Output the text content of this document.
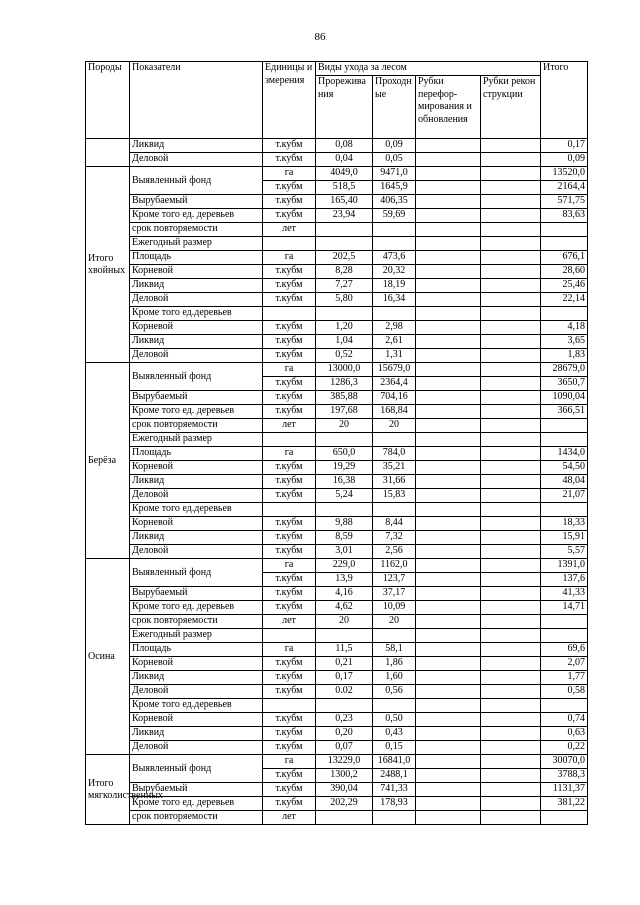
86
Породы	Показатели	Единицы измерения	Виды ухода за лесом				Итого
			Прореживания	Проходные	Рубки перефор-мирования и обновления	Рубки реконструкции	
	Ликвид	т.кубм	0,08	0,09			0,17
	Деловой	т.кубм	0,04	0,05			0,09
Итого хвойных	Выявленный фонд	га	4049,0	9471,0			13520,0
		т.кубм	518,5	1645,9			2164,4
	Вырубаемый	т.кубм	165,40	406,35			571,75
	Кроме того ед. деревьев	т.кубм	23,94	59,69			83,63
	срок повторяемости	лет					
	Ежегодный размер						
	Площадь	га	202,5	473,6			676,1
	Корневой	т.кубм	8,28	20,32			28,60
	Ликвид	т.кубм	7,27	18,19			25,46
	Деловой	т.кубм	5,80	16,34			22,14
	Кроме того ед.деревьев						
	Корневой	т.кубм	1,20	2,98			4,18
	Ликвид	т.кубм	1,04	2,61			3,65
	Деловой	т.кубм	0,52	1,31			1,83
Берёза	Выявленный фонд	га	13000,0	15679,0			28679,0
		т.кубм	1286,3	2364,4			3650,7
	Вырубаемый	т.кубм	385,88	704,16			1090,04
	Кроме того ед. деревьев	т.кубм	197,68	168,84			366,51
	срок повторяемости	лет	20	20			
	Ежегодный размер						
	Площадь	га	650,0	784,0			1434,0
	Корневой	т.кубм	19,29	35,21			54,50
	Ликвид	т.кубм	16,38	31,66			48,04
	Деловой	т.кубм	5,24	15,83			21,07
	Кроме того ед.деревьев						
	Корневой	т.кубм	9,88	8,44			18,33
	Ликвид	т.кубм	8,59	7,32			15,91
	Деловой	т.кубм	3,01	2,56			5,57
Осина	Выявленный фонд	га	229,0	1162,0			1391,0
		т.кубм	13,9	123,7			137,6
	Вырубаемый	т.кубм	4,16	37,17			41,33
	Кроме того ед. деревьев	т.кубм	4,62	10,09			14,71
	срок повторяемости	лет	20	20			
	Ежегодный размер						
	Площадь	га	11,5	58,1			69,6
	Корневой	т.кубм	0,21	1,86			2,07
	Ликвид	т.кубм	0,17	1,60			1,77
	Деловой	т.кубм	0.02	0,56			0,58
	Кроме того ед.деревьев						
	Корневой	т.кубм	0,23	0,50			0,74
	Ликвид	т.кубм	0,20	0,43			0,63
	Деловой	т.кубм	0,07	0,15			0,22
Итого мягколиственных	Выявленный фонд	га	13229,0	16841,0			30070,0
		т.кубм	1300,2	2488,1			3788,3
	Вырубаемый	т.кубм	390,04	741,33			1131,37
	Кроме того ед. деревьев	т.кубм	202,29	178,93			381,22
	срок повторяемости	лет					
